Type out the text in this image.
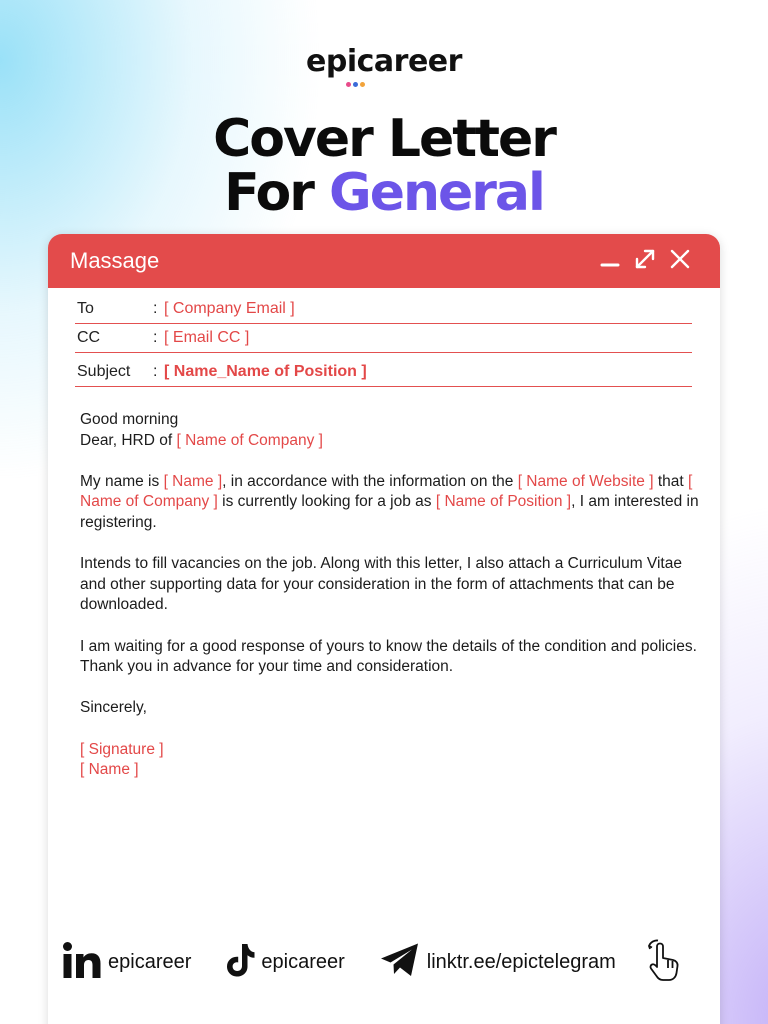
epicareer
Cover Letter
For General
Massage
To	: [ Company Email ]
CC	: [ Email CC ]
Subject : [ Name_Name of Position ]

Good morning
Dear, HRD of [ Name of Company ]

My name is [ Name ], in accordance with the information on the [ Name of Website ] that [ Name of Company ] is currently looking for a job as [ Name of Position ], I am interested in registering.

Intends to fill vacancies on the job. Along with this letter, I also attach a Curriculum Vitae and other supporting data for your consideration in the form of attachments that can be downloaded.

I am waiting for a good response of yours to know the details of the condition and policies. Thank you in advance for your time and consideration.

Sincerely,

[ Signature ]
[ Name ]

epicareer	epicareer	linktr.ee/epictelegram
